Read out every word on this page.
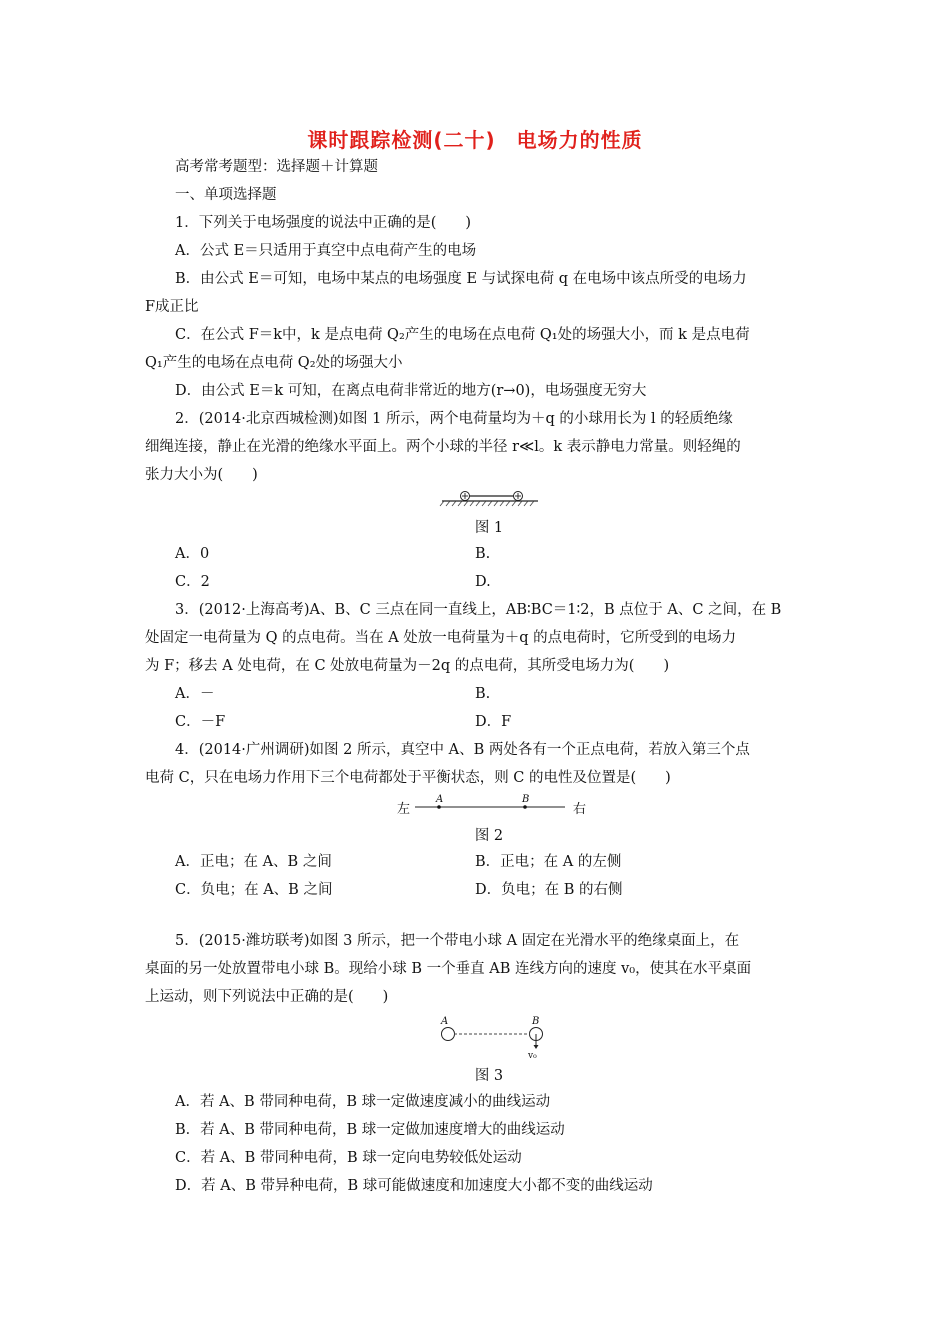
课时跟踪检测(二十)　电场力的性质
高考常考题型：选择题＋计算题
一、单项选择题
1．下列关于电场强度的说法中正确的是(　　)
A．公式 E＝只适用于真空中点电荷产生的电场
B．由公式 E＝可知，电场中某点的电场强度 E 与试探电荷 q 在电场中该点所受的电场力
F成正比
C．在公式 F＝k中，k 是点电荷 Q₂产生的电场在点电荷 Q₁处的场强大小，而 k 是点电荷
Q₁产生的电场在点电荷 Q₂处的场强大小
D．由公式 E＝k 可知，在离点电荷非常近的地方(r→0)，电场强度无穷大
2．(2014·北京西城检测)如图 1 所示，两个电荷量均为＋q 的小球用长为 l 的轻质绝缘
细绳连接，静止在光滑的绝缘水平面上。两个小球的半径 r≪l。k 表示静电力常量。则轻绳的
张力大小为(　　)
图 1
A．0	B.
C．2	D.
3．(2012·上海高考)A、B、C 三点在同一直线上，AB∶BC＝1∶2，B 点位于 A、C 之间，在 B
处固定一电荷量为 Q 的点电荷。当在 A 处放一电荷量为＋q 的点电荷时，它所受到的电场力
为 F；移去 A 处电荷，在 C 处放电荷量为－2q 的点电荷，其所受电场力为(　　)
A．－	B.
C．－F	D．F
4．(2014·广州调研)如图 2 所示，真空中 A、B 两处各有一个正点电荷，若放入第三个点
电荷 C，只在电场力作用下三个电荷都处于平衡状态，则 C 的电性及位置是(　　)
左
A	B
右
图 2
A．正电；在 A、B 之间	B．正电；在 A 的左侧
C．负电；在 A、B 之间	D．负电；在 B 的右侧
5．(2015·潍坊联考)如图 3 所示，把一个带电小球 A 固定在光滑水平的绝缘桌面上，在
桌面的另一处放置带电小球 B。现给小球 B 一个垂直 AB 连线方向的速度 v₀，使其在水平桌面
上运动，则下列说法中正确的是(　　)
A	B
v₀
图 3
A．若 A、B 带同种电荷，B 球一定做速度减小的曲线运动
B．若 A、B 带同种电荷，B 球一定做加速度增大的曲线运动
C．若 A、B 带同种电荷，B 球一定向电势较低处运动
D．若 A、B 带异种电荷，B 球可能做速度和加速度大小都不变的曲线运动
